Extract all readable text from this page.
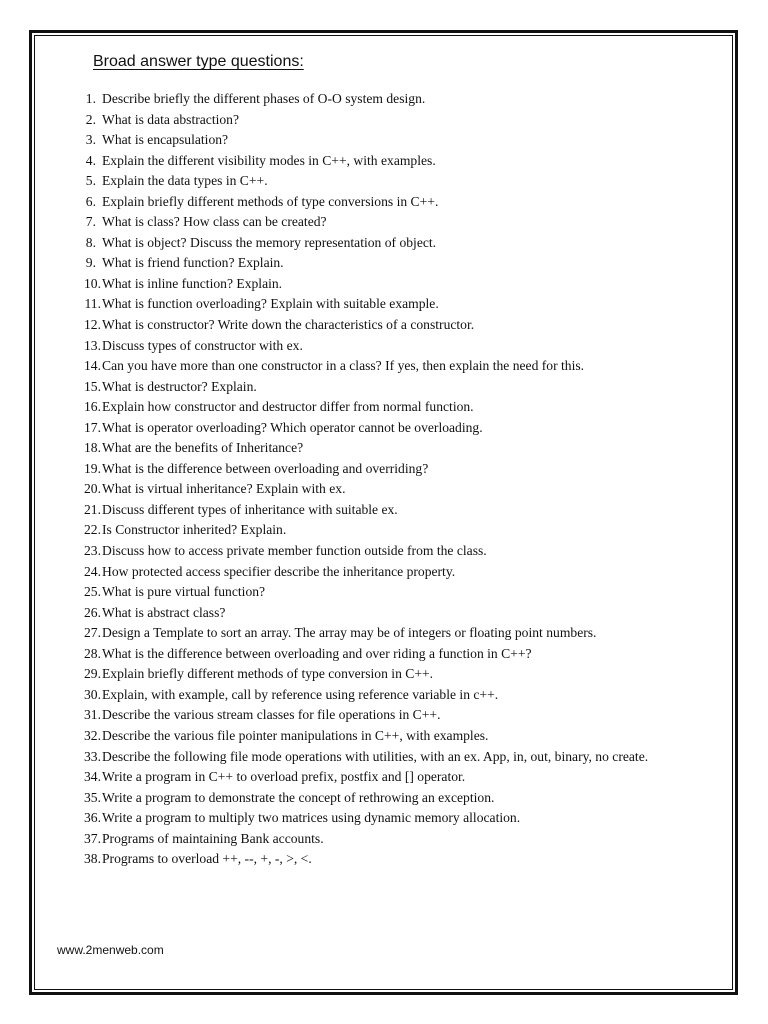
Broad answer type questions:
1. Describe briefly the different phases of O-O system design.
2. What is data abstraction?
3. What is encapsulation?
4. Explain the different visibility modes in C++, with examples.
5. Explain the data types in C++.
6. Explain briefly different methods of type conversions in C++.
7. What is class? How class can be created?
8. What is object? Discuss the memory representation of object.
9. What is friend function? Explain.
10. What is inline function? Explain.
11. What is function overloading? Explain with suitable example.
12. What is constructor? Write down the characteristics of a constructor.
13. Discuss types of constructor with ex.
14. Can you have more than one constructor in a class? If yes, then explain the need for this.
15. What is destructor? Explain.
16. Explain how constructor and destructor differ from normal function.
17. What is operator overloading? Which operator cannot be overloading.
18. What are the benefits of Inheritance?
19. What is the difference between overloading and overriding?
20. What is virtual inheritance? Explain with ex.
21. Discuss different types of inheritance with suitable ex.
22. Is Constructor inherited? Explain.
23. Discuss how to access private member function outside from the class.
24. How protected access specifier describe the inheritance property.
25. What is pure virtual function?
26. What is abstract class?
27. Design a Template to sort an array. The array may be of integers or floating point numbers.
28. What is the difference between overloading and over riding a function in C++?
29. Explain briefly different methods of type conversion in C++.
30. Explain, with example, call by reference using reference variable in c++.
31. Describe the various stream classes for file operations in C++.
32. Describe the various file pointer manipulations in C++, with examples.
33. Describe the following file mode operations with utilities, with an ex. App, in, out, binary, no create.
34. Write a program in C++ to overload prefix, postfix and [] operator.
35. Write a program to demonstrate the concept of rethrowing an exception.
36. Write a program to multiply two matrices using dynamic memory allocation.
37. Programs of maintaining Bank accounts.
38. Programs to overload ++, --, +, -, >, <.
www.2menweb.com
